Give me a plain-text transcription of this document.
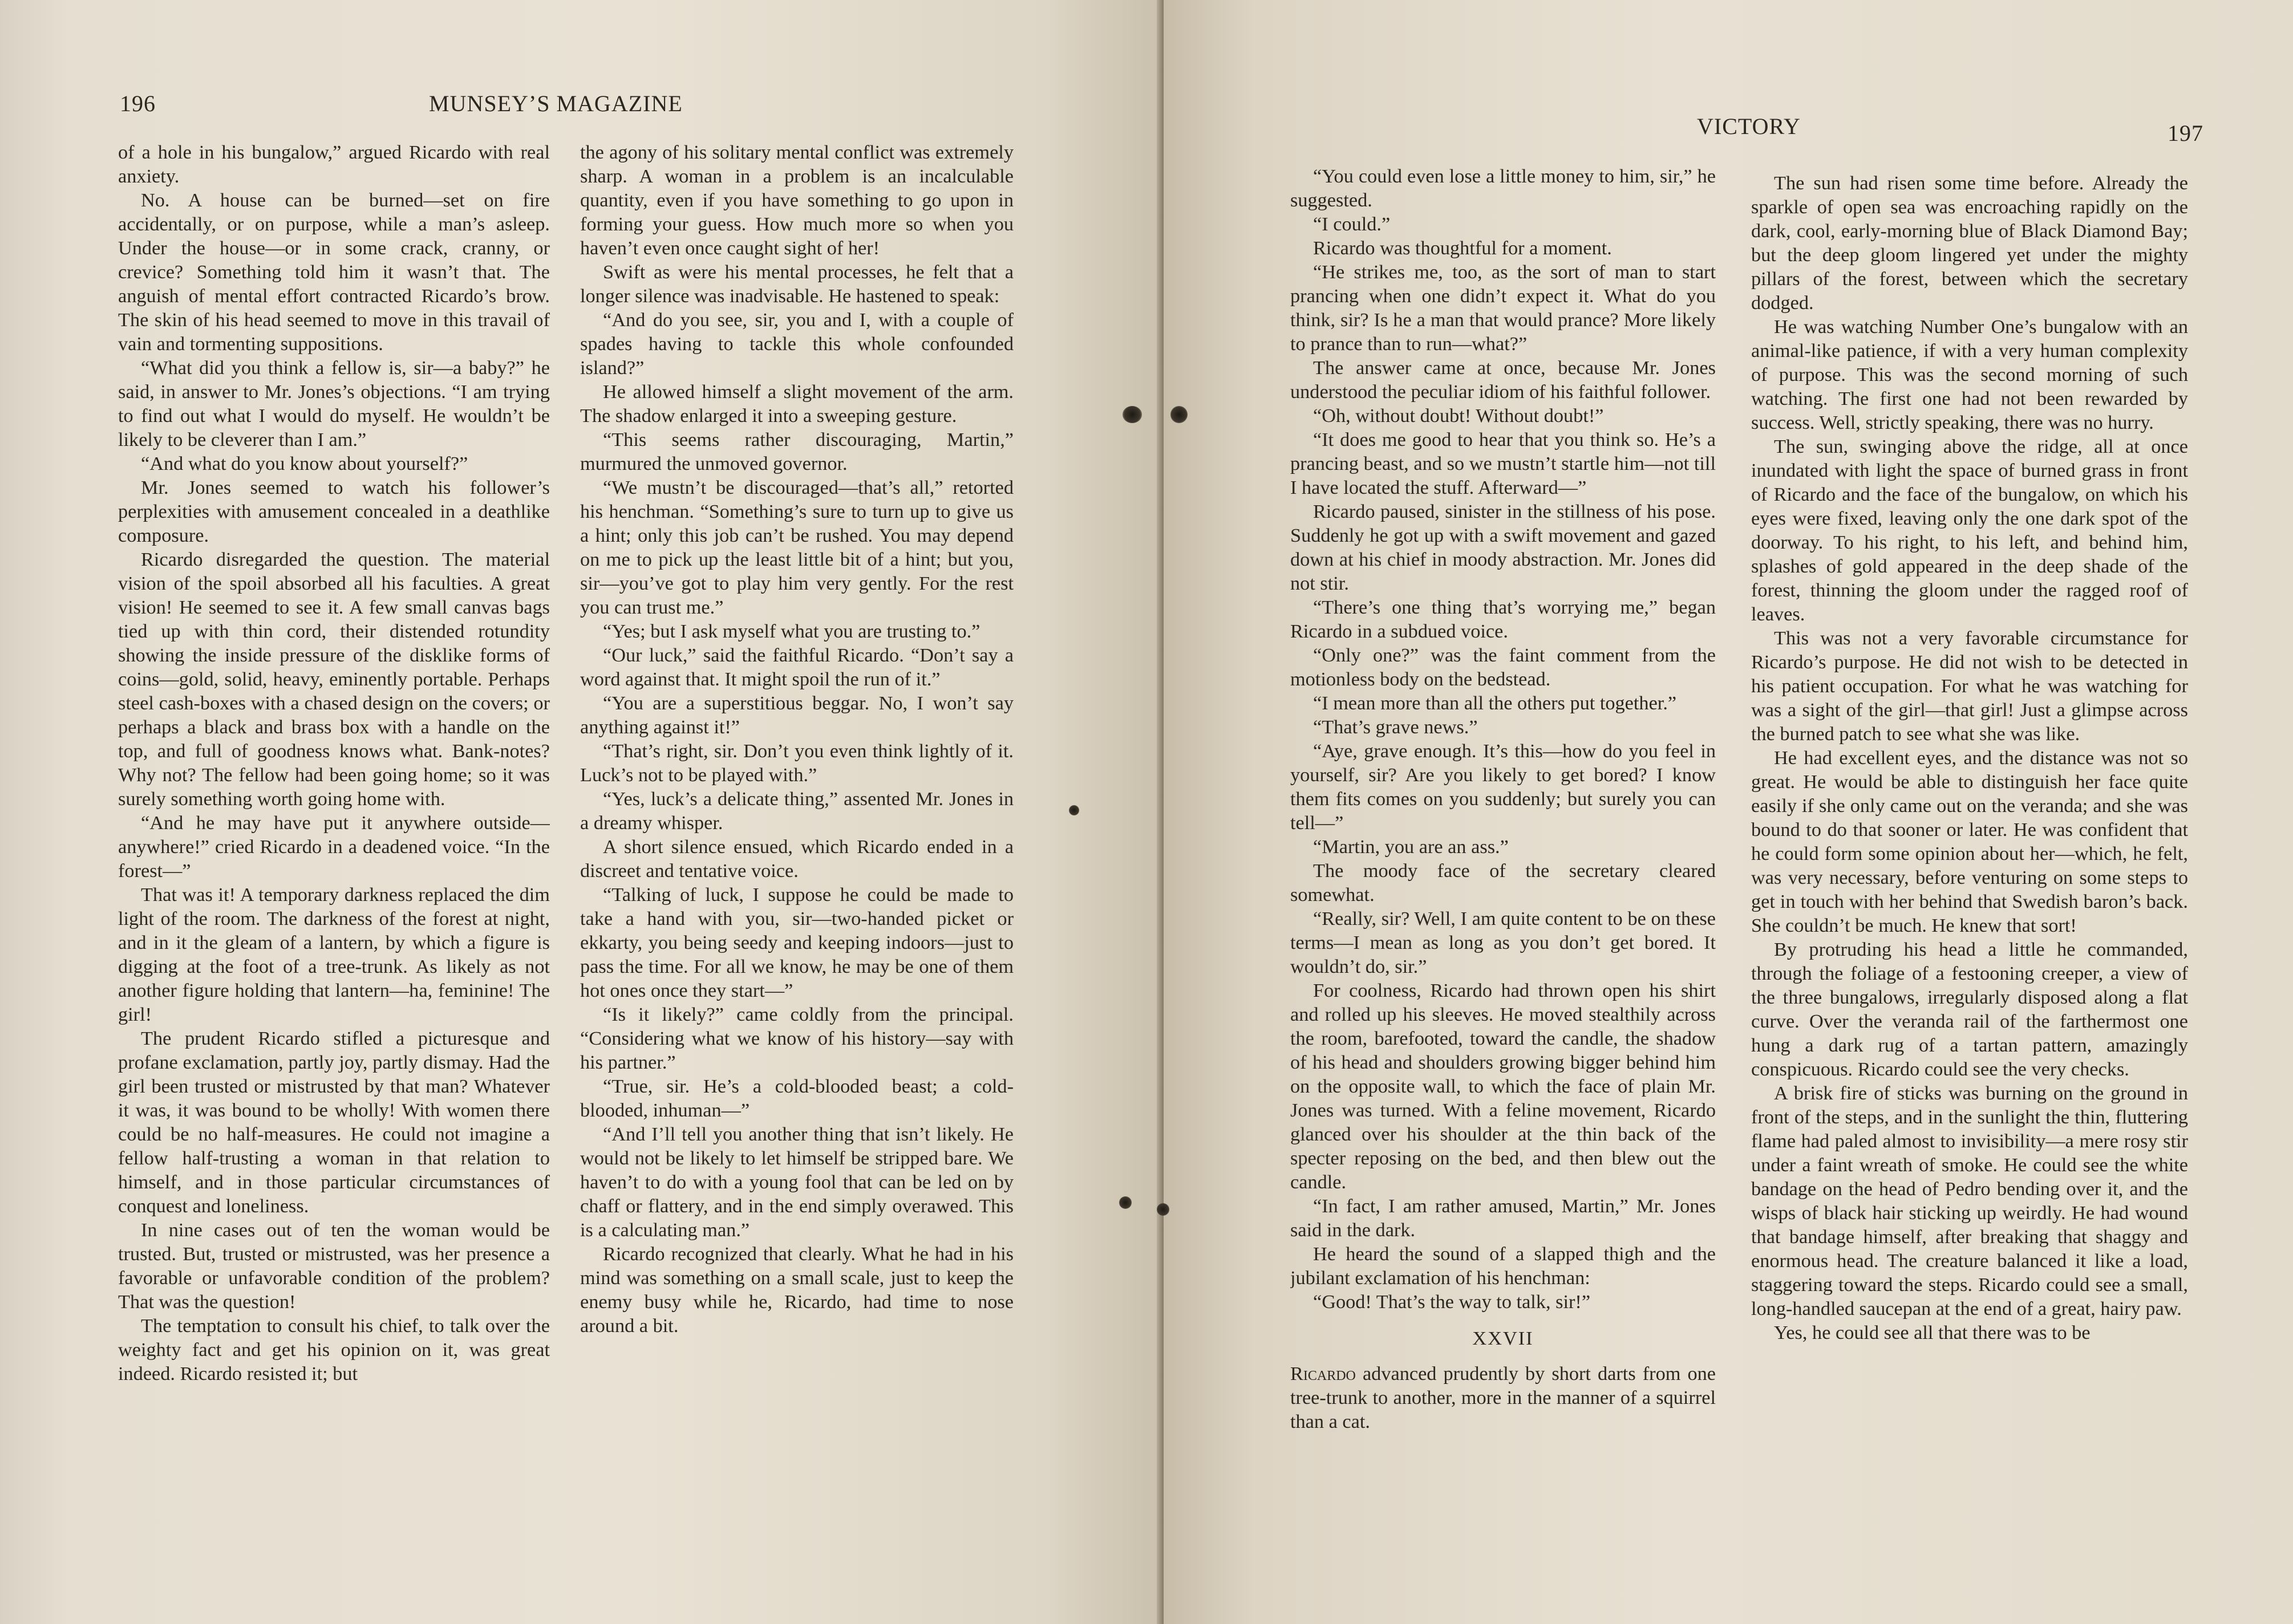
196	MUNSEY’S MAGAZINE

of a hole in his bungalow,” argued Ricardo with real anxiety.

No. A house can be burned—set on fire accidentally, or on purpose, while a man’s asleep. Under the house—or in some crack, cranny, or crevice? Something told him it wasn’t that. The anguish of mental effort contracted Ricardo’s brow. The skin of his head seemed to move in this travail of vain and tormenting suppositions.

“What did you think a fellow is, sir—a baby?” he said, in answer to Mr. Jones’s objections. “I am trying to find out what I would do myself. He wouldn’t be likely to be cleverer than I am.”

“And what do you know about yourself?”

Mr. Jones seemed to watch his follower’s perplexities with amusement concealed in a deathlike composure.

Ricardo disregarded the question. The material vision of the spoil absorbed all his faculties. A great vision! He seemed to see it. A few small canvas bags tied up with thin cord, their distended rotundity showing the inside pressure of the disklike forms of coins—gold, solid, heavy, eminently portable. Perhaps steel cash-boxes with a chased design on the covers; or perhaps a black and brass box with a handle on the top, and full of goodness knows what. Bank-notes? Why not? The fellow had been going home; so it was surely something worth going home with.

“And he may have put it anywhere outside—anywhere!” cried Ricardo in a deadened voice. “In the forest—”

That was it! A temporary darkness replaced the dim light of the room. The darkness of the forest at night, and in it the gleam of a lantern, by which a figure is digging at the foot of a tree-trunk. As likely as not another figure holding that lantern—ha, feminine! The girl!

The prudent Ricardo stifled a picturesque and profane exclamation, partly joy, partly dismay. Had the girl been trusted or mistrusted by that man? Whatever it was, it was bound to be wholly! With women there could be no half-measures. He could not imagine a fellow half-trusting a woman in that relation to himself, and in those particular circumstances of conquest and loneliness.

In nine cases out of ten the woman would be trusted. But, trusted or mistrusted, was her presence a favorable or unfavorable condition of the problem? That was the question!

The temptation to consult his chief, to talk over the weighty fact and get his opinion on it, was great indeed. Ricardo resisted it; but

the agony of his solitary mental conflict was extremely sharp. A woman in a problem is an incalculable quantity, even if you have something to go upon in forming your guess. How much more so when you haven’t even once caught sight of her!

Swift as were his mental processes, he felt that a longer silence was inadvisable. He hastened to speak:

“And do you see, sir, you and I, with a couple of spades having to tackle this whole confounded island?”

He allowed himself a slight movement of the arm. The shadow enlarged it into a sweeping gesture.

“This seems rather discouraging, Martin,” murmured the unmoved governor.

“We mustn’t be discouraged—that’s all,” retorted his henchman. “Something’s sure to turn up to give us a hint; only this job can’t be rushed. You may depend on me to pick up the least little bit of a hint; but you, sir—you’ve got to play him very gently. For the rest you can trust me.”

“Yes; but I ask myself what you are trusting to.”

“Our luck,” said the faithful Ricardo. “Don’t say a word against that. It might spoil the run of it.”

“You are a superstitious beggar. No, I won’t say anything against it!”

“That’s right, sir. Don’t you even think lightly of it. Luck’s not to be played with.”

“Yes, luck’s a delicate thing,” assented Mr. Jones in a dreamy whisper.

A short silence ensued, which Ricardo ended in a discreet and tentative voice.

“Talking of luck, I suppose he could be made to take a hand with you, sir—two-handed picket or ekkarty, you being seedy and keeping indoors—just to pass the time. For all we know, he may be one of them hot ones once they start—”

“Is it likely?” came coldly from the principal. “Considering what we know of his history—say with his partner.”

“True, sir. He’s a cold-blooded beast; a cold-blooded, inhuman—”

“And I’ll tell you another thing that isn’t likely. He would not be likely to let himself be stripped bare. We haven’t to do with a young fool that can be led on by chaff or flattery, and in the end simply overawed. This is a calculating man.”

Ricardo recognized that clearly. What he had in his mind was something on a small scale, just to keep the enemy busy while he, Ricardo, had time to nose around a bit.

VICTORY	197

“You could even lose a little money to him, sir,” he suggested.

“I could.”

Ricardo was thoughtful for a moment.

“He strikes me, too, as the sort of man to start prancing when one didn’t expect it. What do you think, sir? Is he a man that would prance? More likely to prance than to run—what?”

The answer came at once, because Mr. Jones understood the peculiar idiom of his faithful follower.

“Oh, without doubt! Without doubt!”

“It does me good to hear that you think so. He’s a prancing beast, and so we mustn’t startle him—not till I have located the stuff. Afterward—”

Ricardo paused, sinister in the stillness of his pose. Suddenly he got up with a swift movement and gazed down at his chief in moody abstraction. Mr. Jones did not stir.

“There’s one thing that’s worrying me,” began Ricardo in a subdued voice.

“Only one?” was the faint comment from the motionless body on the bedstead.

“I mean more than all the others put together.”

“That’s grave news.”

“Aye, grave enough. It’s this—how do you feel in yourself, sir? Are you likely to get bored? I know them fits comes on you suddenly; but surely you can tell—”

“Martin, you are an ass.”

The moody face of the secretary cleared somewhat.

“Really, sir? Well, I am quite content to be on these terms—I mean as long as you don’t get bored. It wouldn’t do, sir.”

For coolness, Ricardo had thrown open his shirt and rolled up his sleeves. He moved stealthily across the room, barefooted, toward the candle, the shadow of his head and shoulders growing bigger behind him on the opposite wall, to which the face of plain Mr. Jones was turned. With a feline movement, Ricardo glanced over his shoulder at the thin back of the specter reposing on the bed, and then blew out the candle.

“In fact, I am rather amused, Martin,” Mr. Jones said in the dark.

He heard the sound of a slapped thigh and the jubilant exclamation of his henchman:

“Good! That’s the way to talk, sir!”

XXVII

Ricardo advanced prudently by short darts from one tree-trunk to another, more in the manner of a squirrel than a cat.

The sun had risen some time before. Already the sparkle of open sea was encroaching rapidly on the dark, cool, early-morning blue of Black Diamond Bay; but the deep gloom lingered yet under the mighty pillars of the forest, between which the secretary dodged.

He was watching Number One’s bungalow with an animal-like patience, if with a very human complexity of purpose. This was the second morning of such watching. The first one had not been rewarded by success. Well, strictly speaking, there was no hurry.

The sun, swinging above the ridge, all at once inundated with light the space of burned grass in front of Ricardo and the face of the bungalow, on which his eyes were fixed, leaving only the one dark spot of the doorway. To his right, to his left, and behind him, splashes of gold appeared in the deep shade of the forest, thinning the gloom under the ragged roof of leaves.

This was not a very favorable circumstance for Ricardo’s purpose. He did not wish to be detected in his patient occupation. For what he was watching for was a sight of the girl—that girl! Just a glimpse across the burned patch to see what she was like.

He had excellent eyes, and the distance was not so great. He would be able to distinguish her face quite easily if she only came out on the veranda; and she was bound to do that sooner or later. He was confident that he could form some opinion about her—which, he felt, was very necessary, before venturing on some steps to get in touch with her behind that Swedish baron’s back. She couldn’t be much. He knew that sort!

By protruding his head a little he commanded, through the foliage of a festooning creeper, a view of the three bungalows, irregularly disposed along a flat curve. Over the veranda rail of the farthermost one hung a dark rug of a tartan pattern, amazingly conspicuous. Ricardo could see the very checks.

A brisk fire of sticks was burning on the ground in front of the steps, and in the sunlight the thin, fluttering flame had paled almost to invisibility—a mere rosy stir under a faint wreath of smoke. He could see the white bandage on the head of Pedro bending over it, and the wisps of black hair sticking up weirdly. He had wound that bandage himself, after breaking that shaggy and enormous head. The creature balanced it like a load, staggering toward the steps. Ricardo could see a small, long-handled saucepan at the end of a great, hairy paw.

Yes, he could see all that there was to be
